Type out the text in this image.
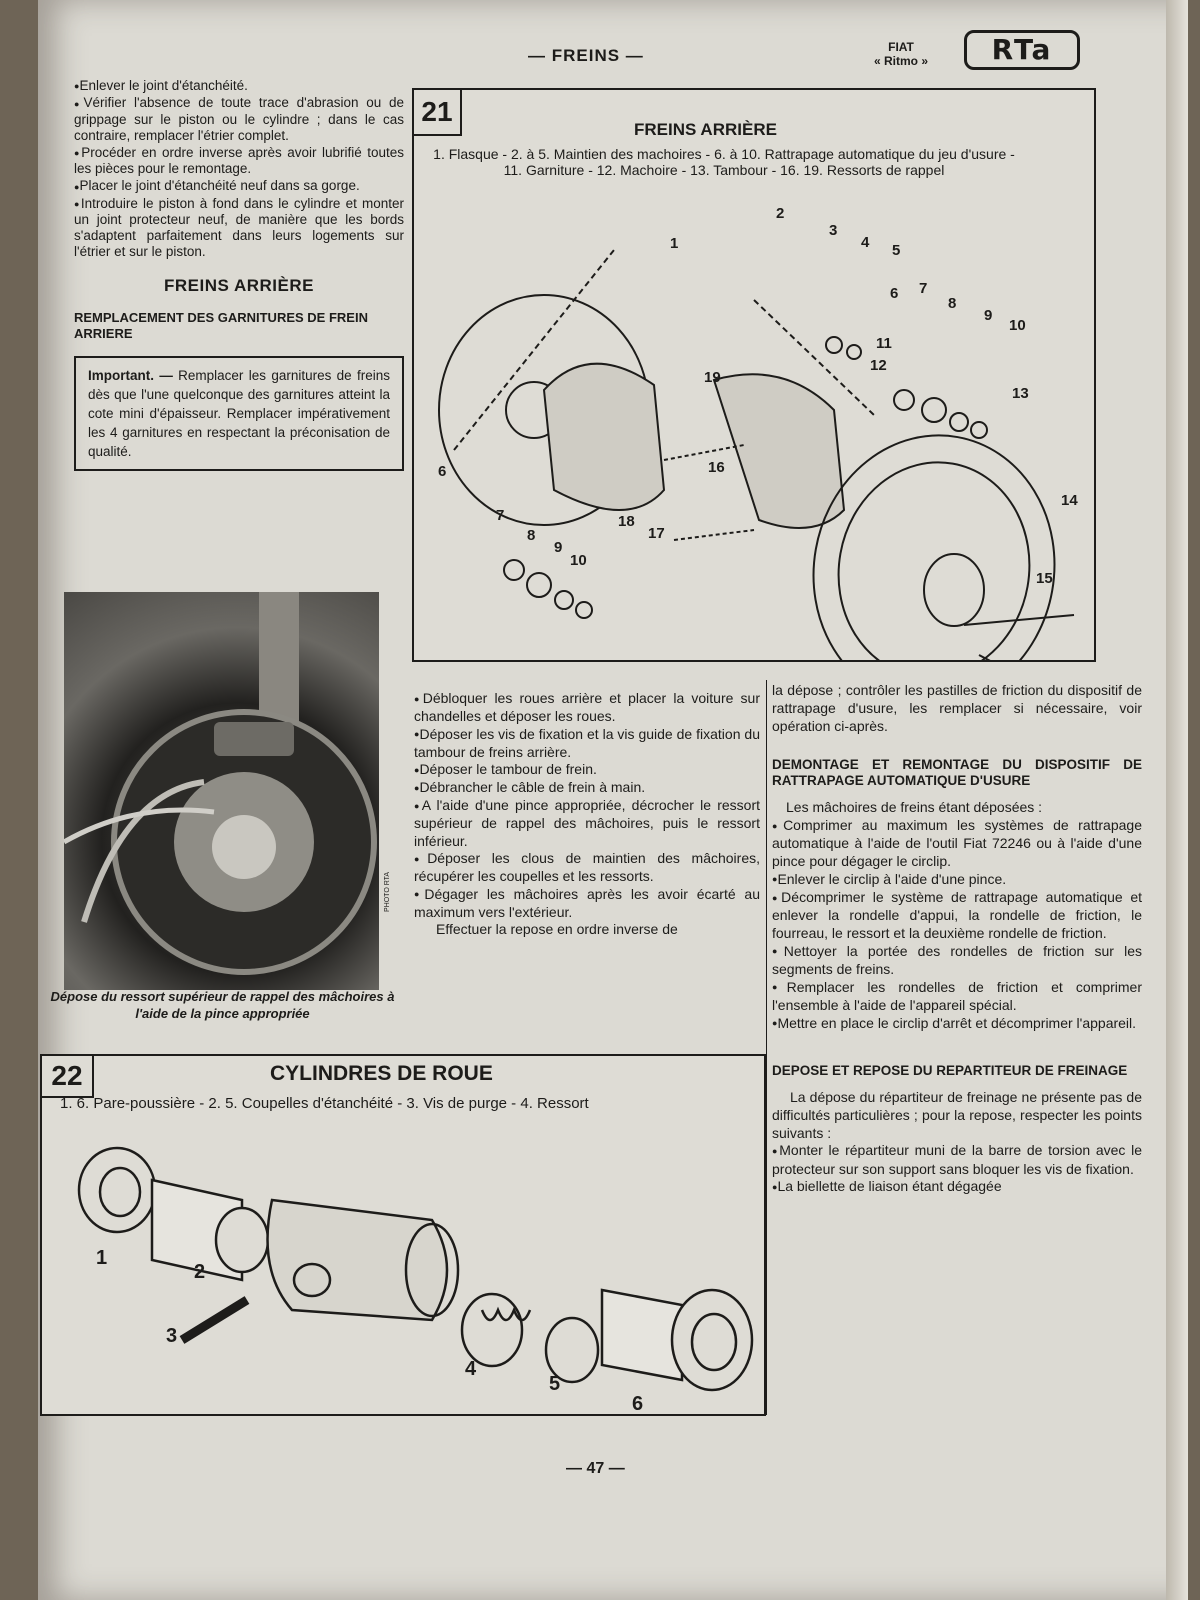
— FREINS —	FIAT
« Ritmo »	RTa

● Enlever le joint d'étanchéité.

● Vérifier l'absence de toute trace d'abrasion ou de grippage sur le piston ou le cylindre ; dans le cas contraire, remplacer l'étrier complet.

● Procéder en ordre inverse après avoir lubrifié toutes les pièces pour le remontage.

● Placer le joint d'étanchéité neuf dans sa gorge.

● Introduire le piston à fond dans le cylindre et monter un joint protecteur neuf, de manière que les bords s'adaptent parfaitement dans leurs logements sur l'étrier et sur le piston.

FREINS ARRIÈRE
REMPLACEMENT DES GARNITURES DE FREIN ARRIERE
Important. — Remplacer les garnitures de freins dès que l'une quelconque des garnitures atteint la cote mini d'épaisseur. Remplacer impérativement les 4 garnitures en respectant la préconisation de qualité.
PHOTO RTA
Dépose du ressort supérieur de rappel des mâchoires à l'aide de la pince appropriée
21
FREINS ARRIÈRE
1. Flasque - 2. à 5. Maintien des machoires - 6. à 10. Rattrapage automatique du jeu d'usure - 11. Garniture - 12. Machoire - 13. Tambour - 16. 19. Ressorts de rappel
1
2
3
4 5
6 7
8
9
10
11
12
13
14
15
16
17
18
19
6
7
8
9
10

● Débloquer les roues arrière et placer la voiture sur chandelles et déposer les roues.

● Déposer les vis de fixation et la vis guide de fixation du tambour de freins arrière.

● Déposer le tambour de frein.

● Débrancher le câble de frein à main.

● A l'aide d'une pince appropriée, décrocher le ressort supérieur de rappel des mâchoires, puis le ressort inférieur.

● Déposer les clous de maintien des mâchoires, récupérer les coupelles et les ressorts.

● Dégager les mâchoires après les avoir écarté au maximum vers l'extérieur.

Effectuer la repose en ordre inverse de

la dépose ; contrôler les pastilles de friction du dispositif de rattrapage d'usure, les remplacer si nécessaire, voir opération ci-après.

DEMONTAGE ET REMONTAGE DU DISPOSITIF DE RATTRAPAGE AUTOMATIQUE D'USURE

Les mâchoires de freins étant déposées :

● Comprimer au maximum les systèmes de rattrapage automatique à l'aide de l'outil Fiat 72246 ou à l'aide d'une pince pour dégager le circlip.

● Enlever le circlip à l'aide d'une pince.

● Décomprimer le système de rattrapage automatique et enlever la rondelle d'appui, la rondelle de friction, le fourreau, le ressort et la deuxième rondelle de friction.

● Nettoyer la portée des rondelles de friction sur les segments de freins.

● Remplacer les rondelles de friction et comprimer l'ensemble à l'aide de l'appareil spécial.

● Mettre en place le circlip d'arrêt et décomprimer l'appareil.

DEPOSE ET REPOSE DU REPARTITEUR DE FREINAGE

La dépose du répartiteur de freinage ne présente pas de difficultés particulières ; pour la repose, respecter les points suivants :

● Monter le répartiteur muni de la barre de torsion avec le protecteur sur son support sans bloquer les vis de fixation.

● La biellette de liaison étant dégagée

22	CYLINDRES DE ROUE
1. 6. Pare-poussière - 2. 5. Coupelles d'étanchéité - 3. Vis de purge - 4. Ressort
1
2
3
4
5
6
— 47 —
